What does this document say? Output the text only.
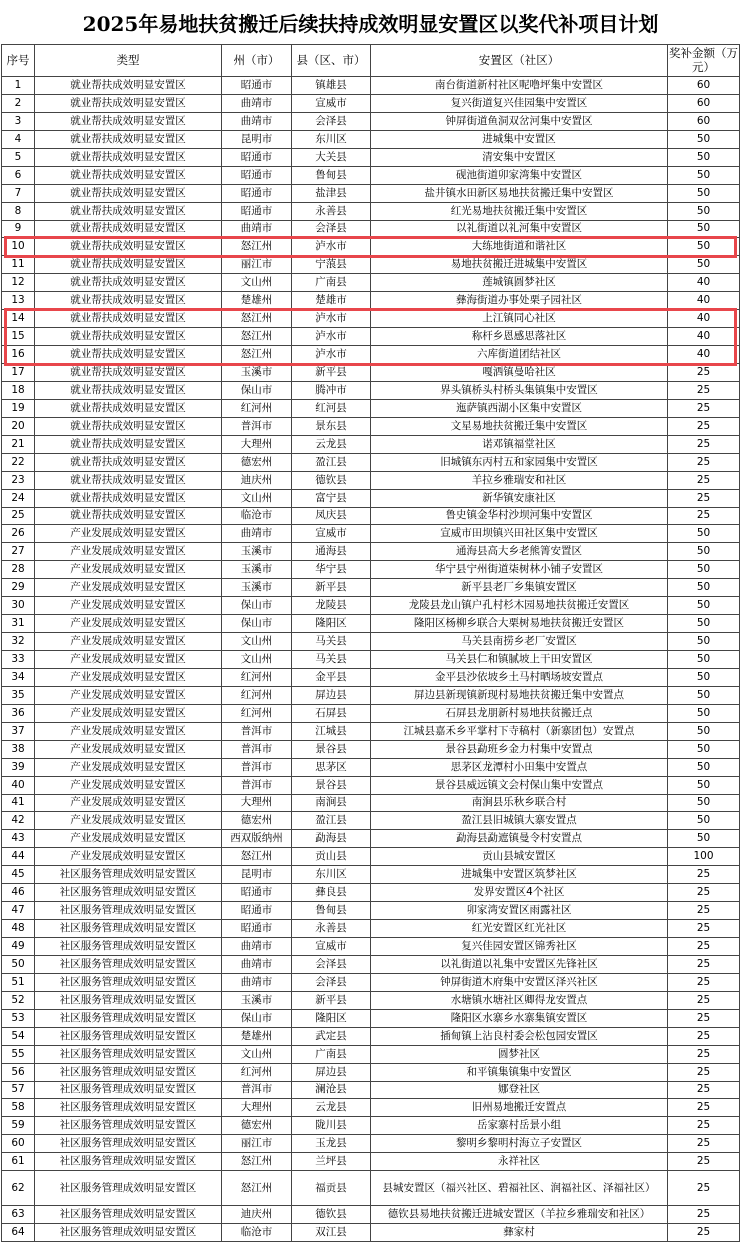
2025年易地扶贫搬迁后续扶持成效明显安置区以奖代补项目计划
序号	类型	州（市）	县（区、市）	安置区（社区）	奖补金额（万元）
1	就业帮扶成效明显安置区	昭通市	镇雄县	南台街道新村社区呢噜坪集中安置区	60
2	就业帮扶成效明显安置区	曲靖市	宣威市	复兴街道复兴佳园集中安置区	60
3	就业帮扶成效明显安置区	曲靖市	会泽县	钟屏街道鱼洞双岔河集中安置区	60
4	就业帮扶成效明显安置区	昆明市	东川区	进城集中安置区	50
5	就业帮扶成效明显安置区	昭通市	大关县	清安集中安置区	50
6	就业帮扶成效明显安置区	昭通市	鲁甸县	砚池街道卯家湾集中安置区	50
7	就业帮扶成效明显安置区	昭通市	盐津县	盐井镇水田新区易地扶贫搬迁集中安置区	50
8	就业帮扶成效明显安置区	昭通市	永善县	红光易地扶贫搬迁集中安置区	50
9	就业帮扶成效明显安置区	曲靖市	会泽县	以礼街道以礼河集中安置区	50
10	就业帮扶成效明显安置区	怒江州	泸水市	大练地街道和谐社区	50
11	就业帮扶成效明显安置区	丽江市	宁蒗县	易地扶贫搬迁进城集中安置区	50
12	就业帮扶成效明显安置区	文山州	广南县	莲城镇圆梦社区	40
13	就业帮扶成效明显安置区	楚雄州	楚雄市	彝海街道办事处栗子园社区	40
14	就业帮扶成效明显安置区	怒江州	泸水市	上江镇同心社区	40
15	就业帮扶成效明显安置区	怒江州	泸水市	称杆乡恩感思落社区	40
16	就业帮扶成效明显安置区	怒江州	泸水市	六库街道团结社区	40
17	就业帮扶成效明显安置区	玉溪市	新平县	嘎洒镇曼哈社区	25
18	就业帮扶成效明显安置区	保山市	腾冲市	界头镇桥头村桥头集镇集中安置区	25
19	就业帮扶成效明显安置区	红河州	红河县	迤萨镇西湖小区集中安置区	25
20	就业帮扶成效明显安置区	普洱市	景东县	文星易地扶贫搬迁集中安置区	25
21	就业帮扶成效明显安置区	大理州	云龙县	诺邓镇福堂社区	25
22	就业帮扶成效明显安置区	德宏州	盈江县	旧城镇东丙村五和家园集中安置区	25
23	就业帮扶成效明显安置区	迪庆州	德钦县	羊拉乡雅瑞安和社区	25
24	就业帮扶成效明显安置区	文山州	富宁县	新华镇安康社区	25
25	就业帮扶成效明显安置区	临沧市	凤庆县	鲁史镇金华村沙坝河集中安置区	25
26	产业发展成效明显安置区	曲靖市	宣威市	宣威市田坝镇兴田社区集中安置区	50
27	产业发展成效明显安置区	玉溪市	通海县	通海县高大乡老熊箐安置区	50
28	产业发展成效明显安置区	玉溪市	华宁县	华宁县宁州街道柒树林小铺子安置区	50
29	产业发展成效明显安置区	玉溪市	新平县	新平县老厂乡集镇安置区	50
30	产业发展成效明显安置区	保山市	龙陵县	龙陵县龙山镇户孔村杉木园易地扶贫搬迁安置区	50
31	产业发展成效明显安置区	保山市	隆阳区	隆阳区杨柳乡联合大栗树易地扶贫搬迁安置区	50
32	产业发展成效明显安置区	文山州	马关县	马关县南捞乡老厂安置区	50
33	产业发展成效明显安置区	文山州	马关县	马关县仁和镇腻坡上干田安置区	50
34	产业发展成效明显安置区	红河州	金平县	金平县沙依坡乡土马村晒场坡安置点	50
35	产业发展成效明显安置区	红河州	屏边县	屏边县新现镇新现村易地扶贫搬迁集中安置点	50
36	产业发展成效明显安置区	红河州	石屏县	石屏县龙朋新村易地扶贫搬迁点	50
37	产业发展成效明显安置区	普洱市	江城县	江城县嘉禾乡平掌村下寺稿村（新寨团包）安置点	50
38	产业发展成效明显安置区	普洱市	景谷县	景谷县勐班乡金力村集中安置点	50
39	产业发展成效明显安置区	普洱市	思茅区	思茅区龙潭村小田集中安置点	50
40	产业发展成效明显安置区	普洱市	景谷县	景谷县威远镇文会村保山集中安置点	50
41	产业发展成效明显安置区	大理州	南涧县	南涧县乐秋乡联合村	50
42	产业发展成效明显安置区	德宏州	盈江县	盈江县旧城镇大寨安置点	50
43	产业发展成效明显安置区	西双版纳州	勐海县	勐海县勐遮镇曼令村安置点	50
44	产业发展成效明显安置区	怒江州	贡山县	贡山县城安置区	100
45	社区服务管理成效明显安置区	昆明市	东川区	进城集中安置区筑梦社区	25
46	社区服务管理成效明显安置区	昭通市	彝良县	发界安置区4个社区	25
47	社区服务管理成效明显安置区	昭通市	鲁甸县	卯家湾安置区雨露社区	25
48	社区服务管理成效明显安置区	昭通市	永善县	红光安置区红光社区	25
49	社区服务管理成效明显安置区	曲靖市	宣威市	复兴佳园安置区锦秀社区	25
50	社区服务管理成效明显安置区	曲靖市	会泽县	以礼街道以礼集中安置区先锋社区	25
51	社区服务管理成效明显安置区	曲靖市	会泽县	钟屏街道木府集中安置区泽兴社区	25
52	社区服务管理成效明显安置区	玉溪市	新平县	水塘镇水塘社区卿得龙安置点	25
53	社区服务管理成效明显安置区	保山市	隆阳区	隆阳区水寨乡水寨集镇安置区	25
54	社区服务管理成效明显安置区	楚雄州	武定县	插甸镇上沾良村委会松包园安置区	25
55	社区服务管理成效明显安置区	文山州	广南县	圆梦社区	25
56	社区服务管理成效明显安置区	红河州	屏边县	和平镇集镇集中安置区	25
57	社区服务管理成效明显安置区	普洱市	澜沧县	娜登社区	25
58	社区服务管理成效明显安置区	大理州	云龙县	旧州易地搬迁安置点	25
59	社区服务管理成效明显安置区	德宏州	陇川县	岳家寨村岳景小组	25
60	社区服务管理成效明显安置区	丽江市	玉龙县	黎明乡黎明村海立子安置区	25
61	社区服务管理成效明显安置区	怒江州	兰坪县	永祥社区	25
62	社区服务管理成效明显安置区	怒江州	福贡县	县城安置区（福兴社区、碧福社区、润福社区、泽福社区）	25
63	社区服务管理成效明显安置区	迪庆州	德钦县	德钦县易地扶贫搬迁进城安置区（羊拉乡雅瑞安和社区）	25
64	社区服务管理成效明显安置区	临沧市	双江县	彝家村	25
